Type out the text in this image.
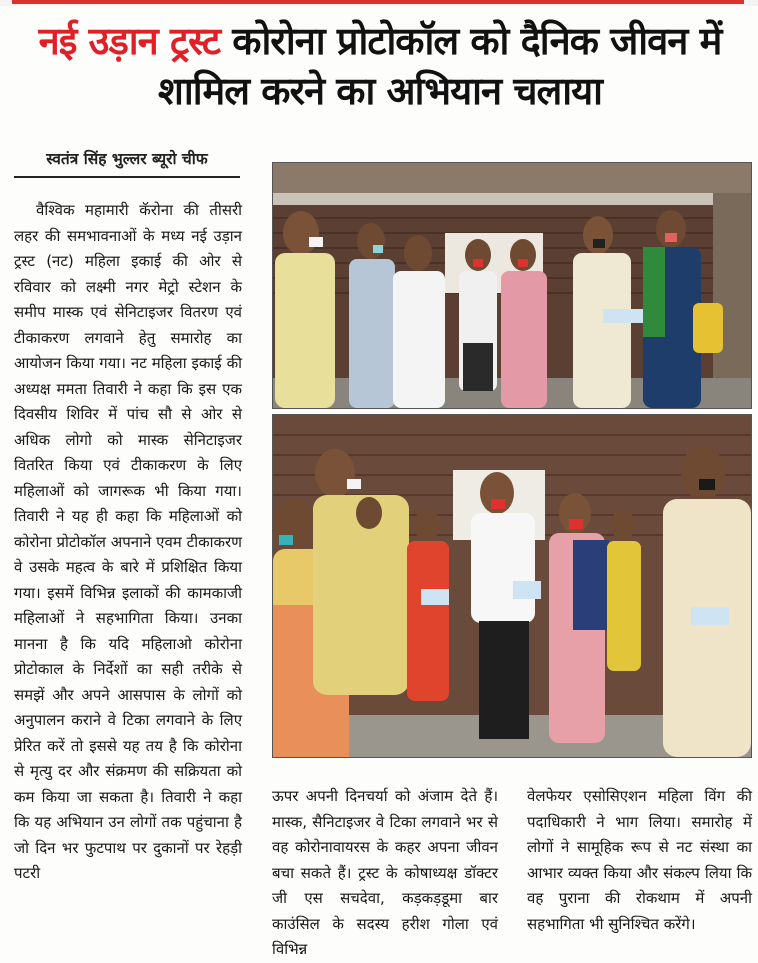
नई उड़ान ट्रस्ट कोरोना प्रोटोकॉल को दैनिक जीवन में शामिल करने का अभियान चलाया
स्वतंत्र सिंह भुल्लर ब्यूरो चीफ

वैश्विक महामारी कॅरोना की तीसरी लहर की समभावनाओं के मध्य नई उड़ान ट्रस्ट (नट) महिला इकाई की ओर से रविवार को लक्ष्मी नगर मेट्रो स्टेशन के समीप मास्क एवं सेनिटाइजर वितरण एवं टीकाकरण लगवाने हेतु समारोह का आयोजन किया गया। नट महिला इकाई की अध्यक्ष ममता तिवारी ने कहा कि इस एक दिवसीय शिविर में पांच सौ से ओर से अधिक लोगो को मास्क सेनिटाइजर वितरित किया एवं टीकाकरण के लिए महिलाओं को जागरूक भी किया गया। तिवारी ने यह ही कहा कि महिलाओं को कोरोना प्रोटोकॉल अपनाने एवम टीकाकरण वे उसके महत्व के बारे में प्रशिक्षित किया गया। इसमें विभिन्न इलाकों की कामकाजी महिलाओं ने सहभागिता किया। उनका मानना है कि यदि महिलाओ कोरोना प्रोटोकाल के निर्देशों का सही तरीके से समझें और अपने आसपास के लोगों को अनुपालन कराने वे टिका लगवाने के लिए प्रेरित करें तो इससे यह तय है कि कोरोना से मृत्यु दर और संक्रमण की सक्रियता को कम किया जा सकता है। तिवारी ने कहा कि यह अभियान उन लोगों तक पहुंचाना है जो दिन भर फुटपाथ पर दुकानों पर रेहड़ी पटरी

ऊपर अपनी दिनचर्या को अंजाम देते हैं। मास्क, सैनिटाइजर वे टिका लगवाने भर से वह कोरोनावायरस के कहर अपना जीवन बचा सकते हैं। ट्रस्ट के कोषाध्यक्ष डॉक्टर जी एस सचदेवा, कड़कड़डूमा बार काउंसिल के सदस्य हरीश गोला एवं विभिन्न

वेलफेयर एसोसिएशन महिला विंग की पदाधिकारी ने भाग लिया। समारोह में लोगों ने सामूहिक रूप से नट संस्था का आभार व्यक्त किया और संकल्प लिया कि वह पुराना की रोकथाम में अपनी सहभागिता भी सुनिश्चित करेंगे।
